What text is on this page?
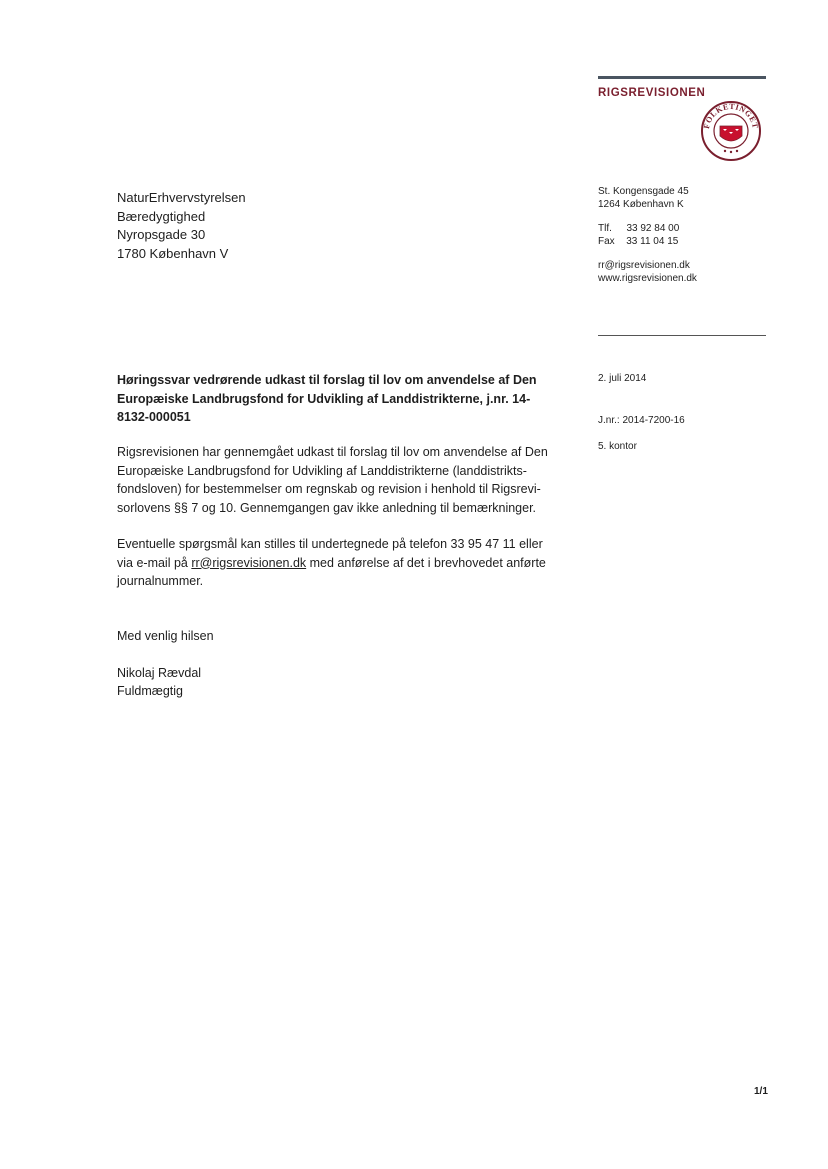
RIGSREVISIONEN
FOLKETINGET
NaturErhvervstyrelsen
Bæredygtighed
Nyropsgade 30
1780 København V
St. Kongensgade 45
1264 København K
Tlf. 33 92 84 00
Fax 33 11 04 15
rr@rigsrevisionen.dk
www.rigsrevisionen.dk
2. juli 2014
J.nr.: 2014-7200-16
5. kontor
Høringssvar vedrørende udkast til forslag til lov om anvendelse af Den
Europæiske Landbrugsfond for Udvikling af Landdistrikterne, j.nr. 14-
8132-000051
Rigsrevisionen har gennemgået udkast til forslag til lov om anvendelse af Den
Europæiske Landbrugsfond for Udvikling af Landdistrikterne (landdistrikts-
fondsloven) for bestemmelser om regnskab og revision i henhold til Rigsrevi-
sorlovens §§ 7 og 10. Gennemgangen gav ikke anledning til bemærkninger.
Eventuelle spørgsmål kan stilles til undertegnede på telefon 33 95 47 11 eller
via e-mail på rr@rigsrevisionen.dk med anførelse af det i brevhovedet anførte
journalnummer.
Med venlig hilsen
Nikolaj Rævdal
Fuldmægtig
1/1
